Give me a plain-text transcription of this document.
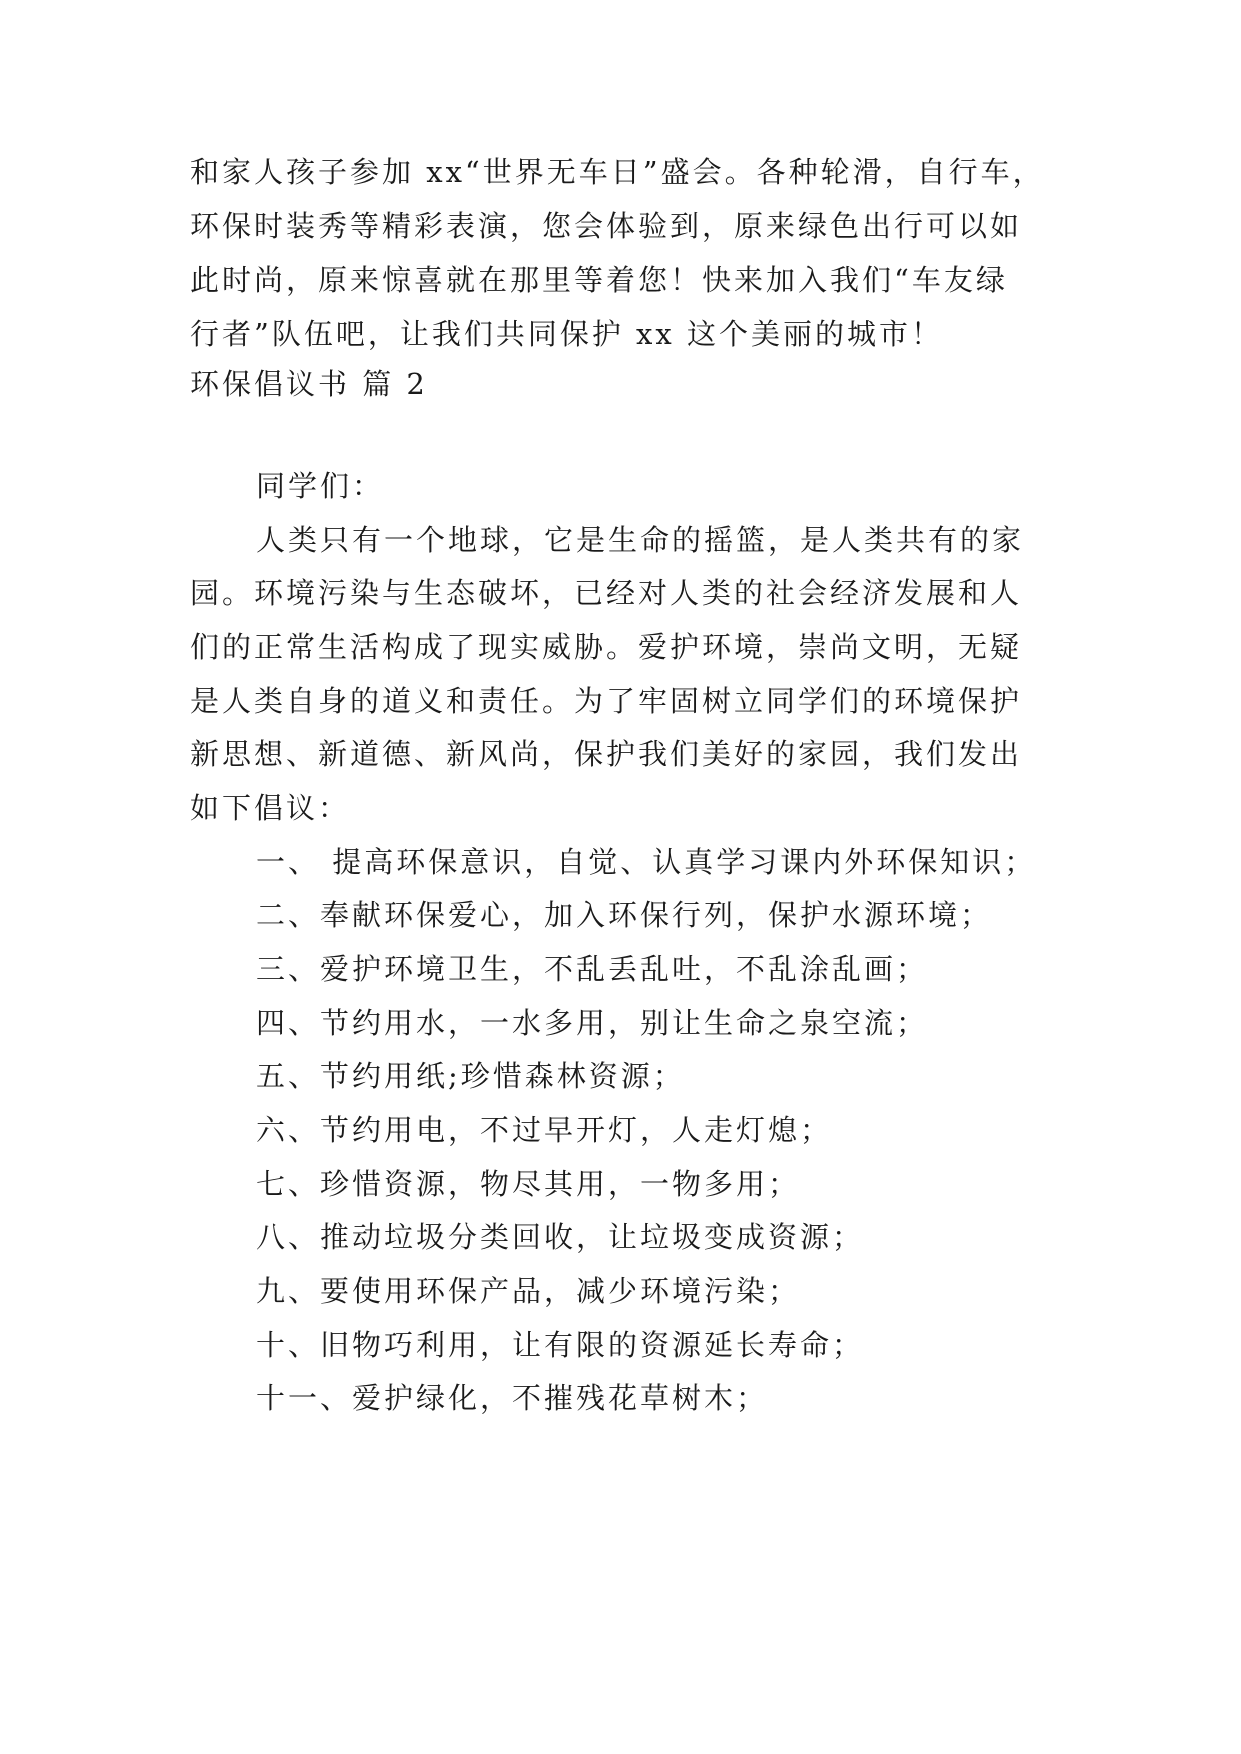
和家人孩子参加 xx“世界无车日”盛会。各种轮滑，自行车，
环保时装秀等精彩表演，您会体验到，原来绿色出行可以如
此时尚，原来惊喜就在那里等着您！快来加入我们“车友绿
行者”队伍吧，让我们共同保护 xx 这个美丽的城市！
环保倡议书 篇 2
同学们：
人类只有一个地球，它是生命的摇篮，是人类共有的家
园。环境污染与生态破坏，已经对人类的社会经济发展和人
们的正常生活构成了现实威胁。爱护环境，崇尚文明，无疑
是人类自身的道义和责任。为了牢固树立同学们的环境保护
新思想、新道德、新风尚，保护我们美好的家园，我们发出
如下倡议：
一、 提高环保意识，自觉、认真学习课内外环保知识；
二、奉献环保爱心，加入环保行列，保护水源环境；
三、爱护环境卫生，不乱丢乱吐，不乱涂乱画；
四、节约用水，一水多用，别让生命之泉空流；
五、节约用纸;珍惜森林资源；
六、节约用电，不过早开灯，人走灯熄；
七、珍惜资源，物尽其用，一物多用；
八、推动垃圾分类回收，让垃圾变成资源；
九、要使用环保产品，减少环境污染；
十、旧物巧利用，让有限的资源延长寿命；
十一、爱护绿化，不摧残花草树木；
